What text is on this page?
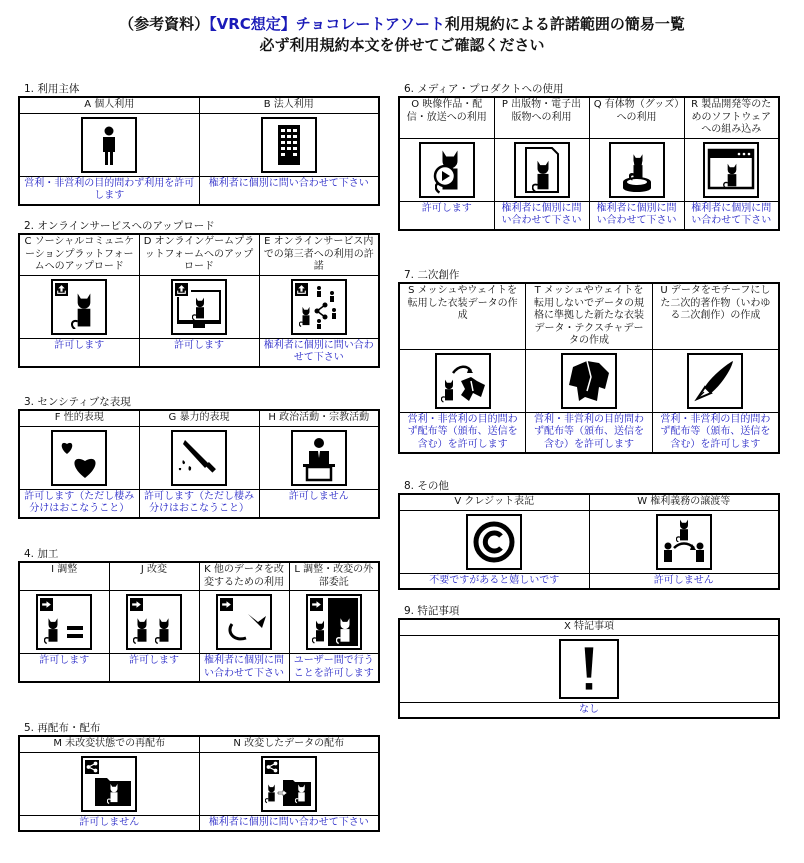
（参考資料）【VRC想定】チョコレートアソート利用規約による許諾範囲の簡易一覧
必ず利用規約本文を併せてご確認ください
1. 利用主体
A 個人利用	B 法人利用

営利・非営利の目的問わず利用を許可します	権利者に個別に問い合わせて下さい
2. オンラインサービスへのアップロード
C ソーシャルコミュニケーションプラットフォームへのアップロード	D オンラインゲームプラットフォームへのアップロード	E オンラインサービス内での第三者への利用の許諾

許可します	許可します	権利者に個別に問い合わせて下さい
3. センシティブな表現
F 性的表現	G 暴力的表現	H 政治活動・宗教活動

許可します（ただし棲み分けはおこなうこと）	許可します（ただし棲み分けはおこなうこと）	許可しません
4. 加工
I 調整	J 改変	K 他のデータを改変するための利用	L 調整・改変の外部委託

許可します	許可します	権利者に個別に問い合わせて下さい	ユーザー間で行うことを許可します
5. 再配布・配布
M 未改変状態での再配布	N 改変したデータの配布

許可しません	権利者に個別に問い合わせて下さい
6. メディア・プロダクトへの使用
O 映像作品・配信・放送への利用	P 出版物・電子出版物への利用	Q 有体物（グッズ）への利用	R 製品開発等のためのソフトウェアへの組み込み

許可します	権利者に個別に問い合わせて下さい	権利者に個別に問い合わせて下さい	権利者に個別に問い合わせて下さい
7. 二次創作
S メッシュやウェイトを転用した衣装データの作成	T メッシュやウェイトを転用しないでデータの規格に準拠した新たな衣装データ・テクスチャデータの作成	U データをモチーフにした二次的著作物（いわゆる二次創作）の作成

営利・非営利の目的問わず配布等（頒布、送信を含む）を許可します	営利・非営利の目的問わず配布等（頒布、送信を含む）を許可します	営利・非営利の目的問わず配布等（頒布、送信を含む）を許可します
8. その他
V クレジット表記	W 権利義務の譲渡等

不要ですがあると嬉しいです	許可しません
9. 特記事項
X 特記事項

なし
